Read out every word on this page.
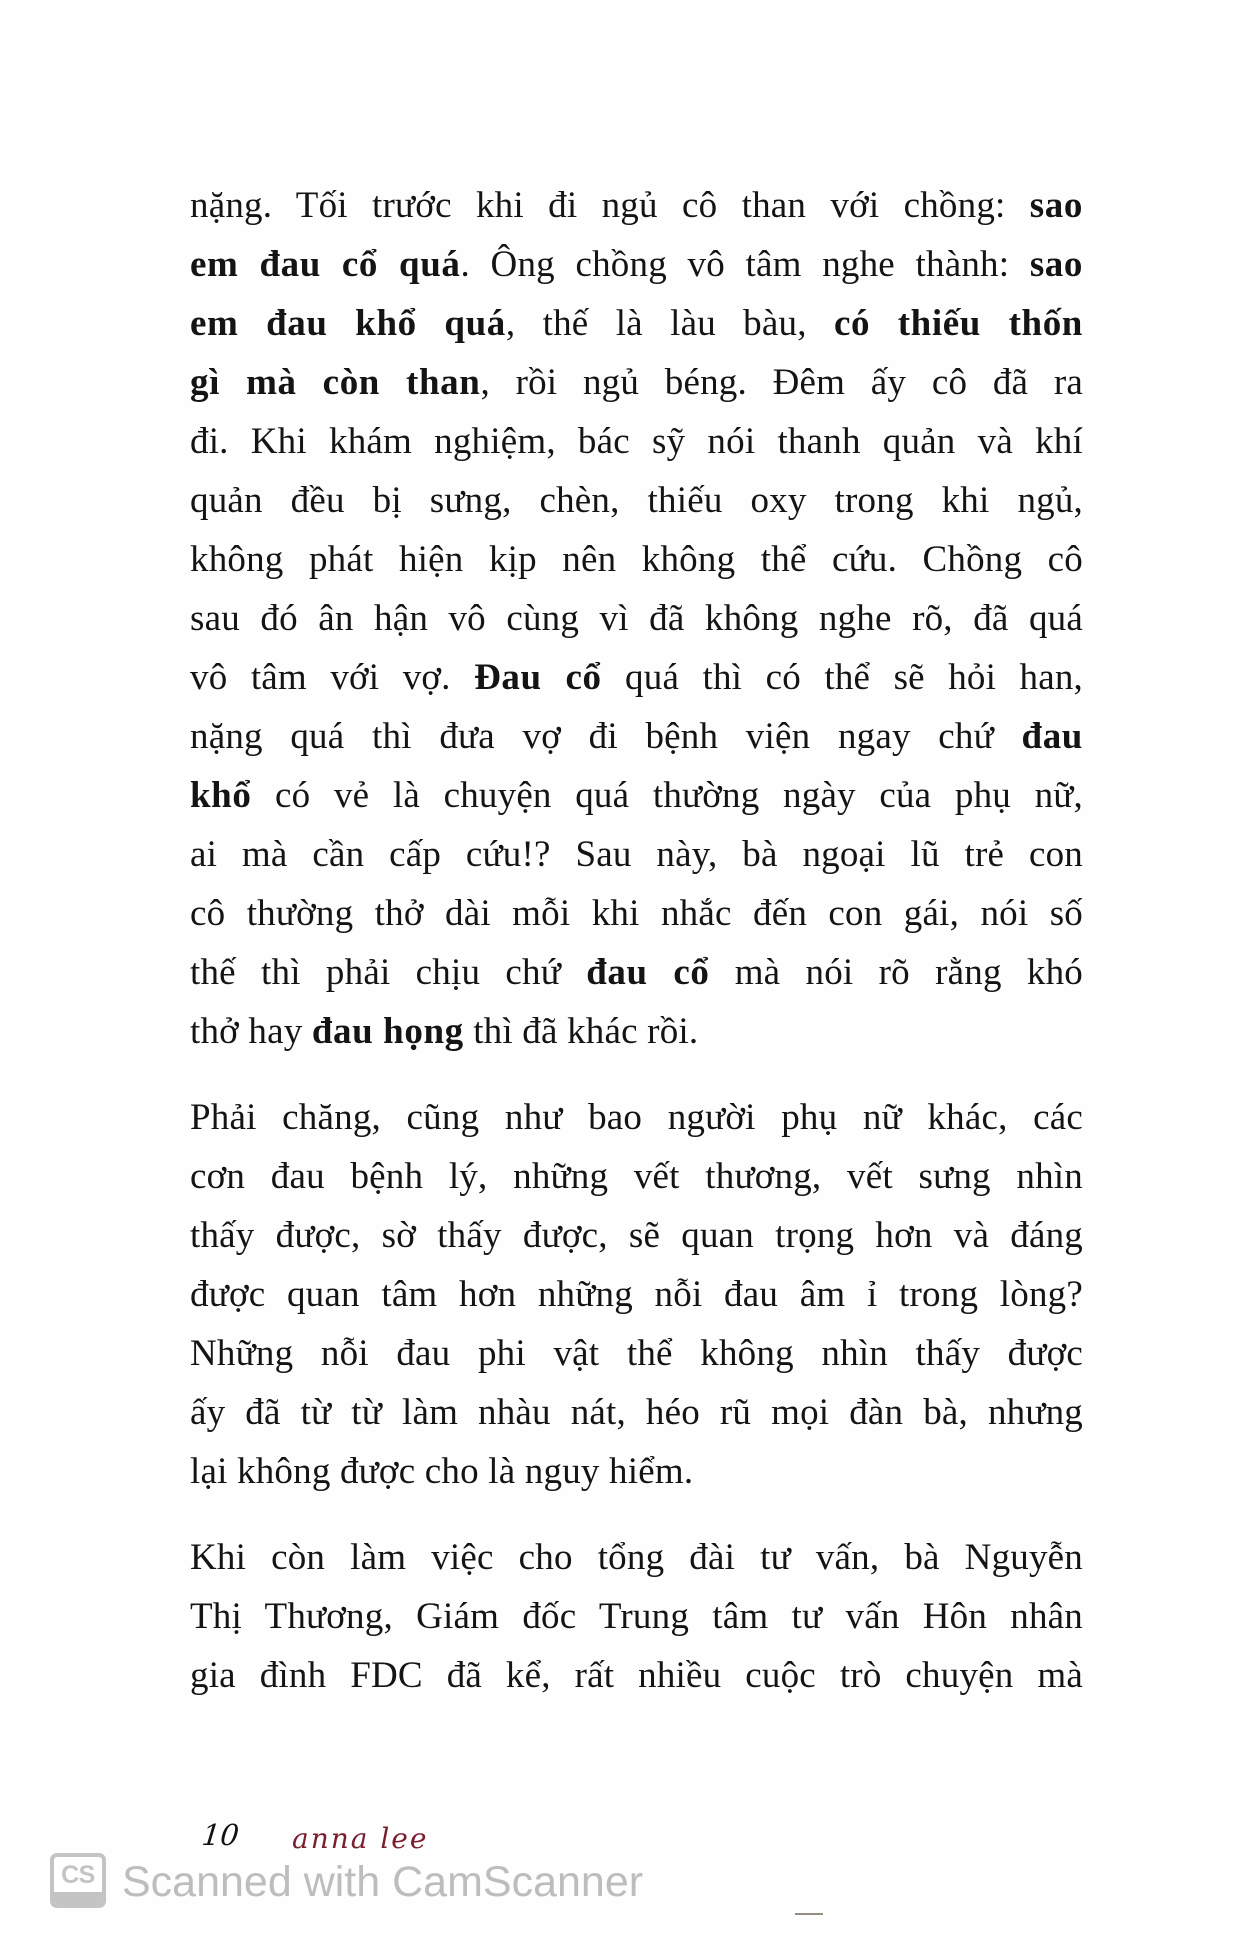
nặng. Tối trước khi đi ngủ cô than với chồng: sao
em đau cổ quá. Ông chồng vô tâm nghe thành: sao
em đau khổ quá, thế là làu bàu, có thiếu thốn
gì mà còn than, rồi ngủ béng. Đêm ấy cô đã ra
đi. Khi khám nghiệm, bác sỹ nói thanh quản và khí
quản đều bị sưng, chèn, thiếu oxy trong khi ngủ,
không phát hiện kịp nên không thể cứu. Chồng cô
sau đó ân hận vô cùng vì đã không nghe rõ, đã quá
vô tâm với vợ. Đau cổ quá thì có thể sẽ hỏi han,
nặng quá thì đưa vợ đi bệnh viện ngay chứ đau
khổ có vẻ là chuyện quá thường ngày của phụ nữ,
ai mà cần cấp cứu!? Sau này, bà ngoại lũ trẻ con
cô thường thở dài mỗi khi nhắc đến con gái, nói số
thế thì phải chịu chứ đau cổ mà nói rõ rằng khó
thở hay đau họng thì đã khác rồi.

Phải chăng, cũng như bao người phụ nữ khác, các
cơn đau bệnh lý, những vết thương, vết sưng nhìn
thấy được, sờ thấy được, sẽ quan trọng hơn và đáng
được quan tâm hơn những nỗi đau âm ỉ trong lòng?
Những nỗi đau phi vật thể không nhìn thấy được
ấy đã từ từ làm nhàu nát, héo rũ mọi đàn bà, nhưng
lại không được cho là nguy hiểm.

Khi còn làm việc cho tổng đài tư vấn, bà Nguyễn
Thị Thương, Giám đốc Trung tâm tư vấn Hôn nhân
gia đình FDC đã kể, rất nhiều cuộc trò chuyện mà

10 anna lee
CS Scanned with CamScanner
